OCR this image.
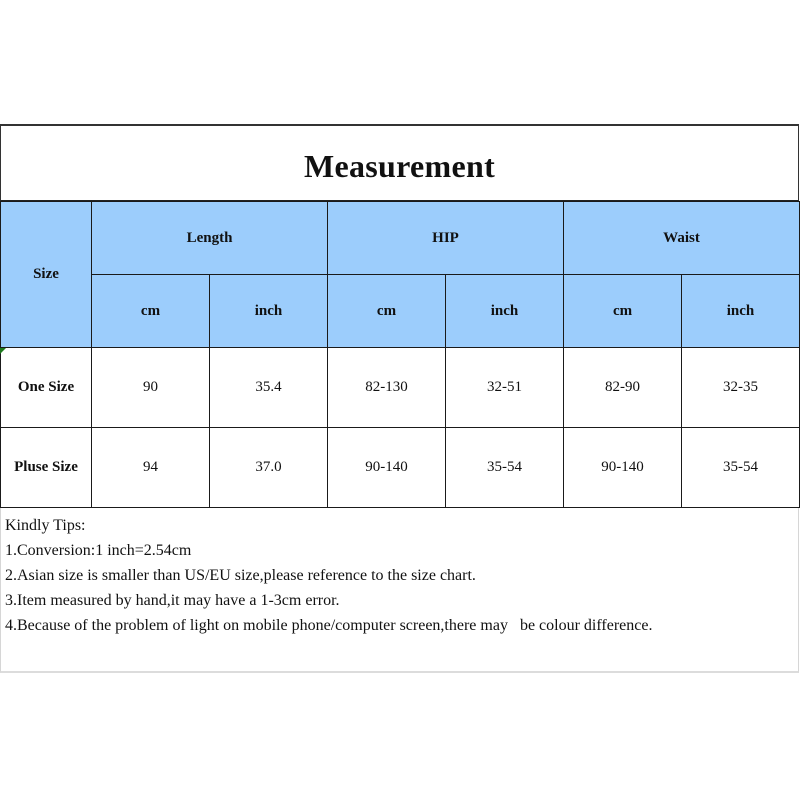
Measurement
Size	Length		HIP		Waist	
	cm	inch	cm	inch	cm	inch
One Size	90	35.4	82-130	32-51	82-90	32-35
Pluse Size	94	37.0	90-140	35-54	90-140	35-54
Kindly Tips:
1.Conversion:1 inch=2.54cm
2.Asian size is smaller than US/EU size,please reference to the size chart.
3.Item measured by hand,it may have a 1-3cm error.
4.Because of the problem of light on mobile phone/computer screen,there may   be colour difference.
